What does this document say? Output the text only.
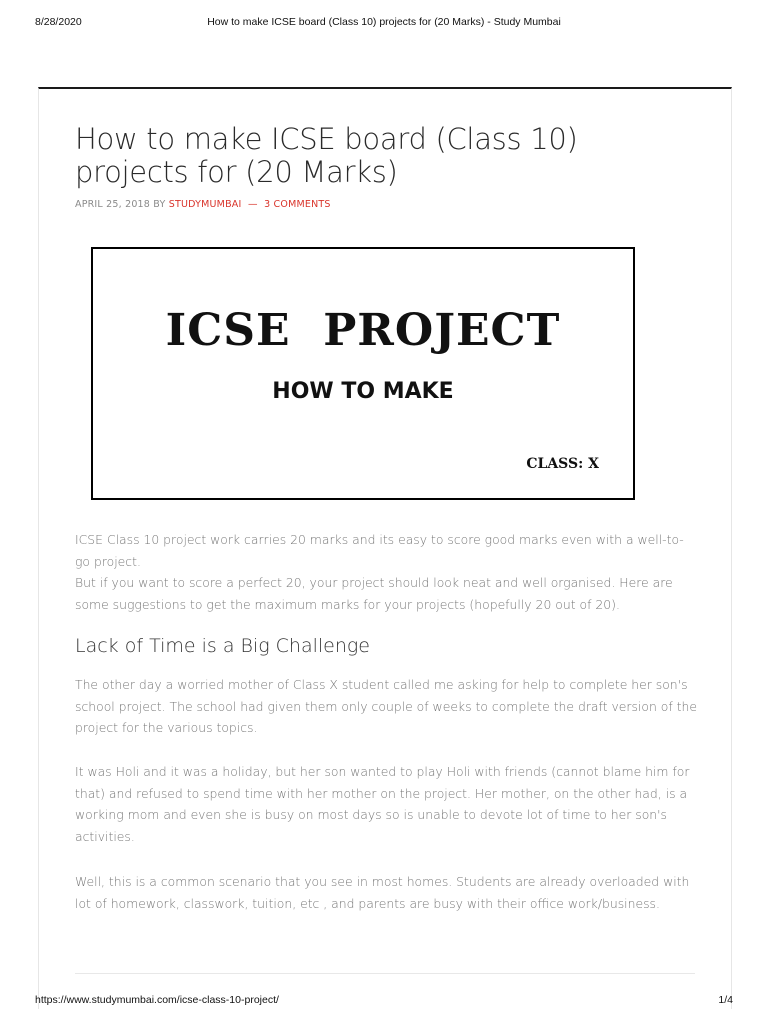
8/28/2020	How to make ICSE board (Class 10) projects for (20 Marks) - Study Mumbai
How to make ICSE board (Class 10) projects for (20 Marks)
APRIL 25, 2018 BY STUDYMUMBAI — 3 COMMENTS
ICSE  PROJECT
HOW TO MAKE
CLASS: X
ICSE Class 10 project work carries 20 marks and its easy to score good marks even with a well-to-go project.
But if you want to score a perfect 20, your project should look neat and well organised. Here are some suggestions to get the maximum marks for your projects (hopefully 20 out of 20).
Lack of Time is a Big Challenge

The other day a worried mother of Class X student called me asking for help to complete her son's school project. The school had given them only couple of weeks to complete the draft version of the project for the various topics.

It was Holi and it was a holiday, but her son wanted to play Holi with friends (cannot blame him for that) and refused to spend time with her mother on the project. Her mother, on the other had, is a working mom and even she is busy on most days so is unable to devote lot of time to her son's activities.

Well, this is a common scenario that you see in most homes. Students are already overloaded with lot of homework, classwork, tuition, etc , and parents are busy with their office work/business.

https://www.studymumbai.com/icse-class-10-project/	1/4
